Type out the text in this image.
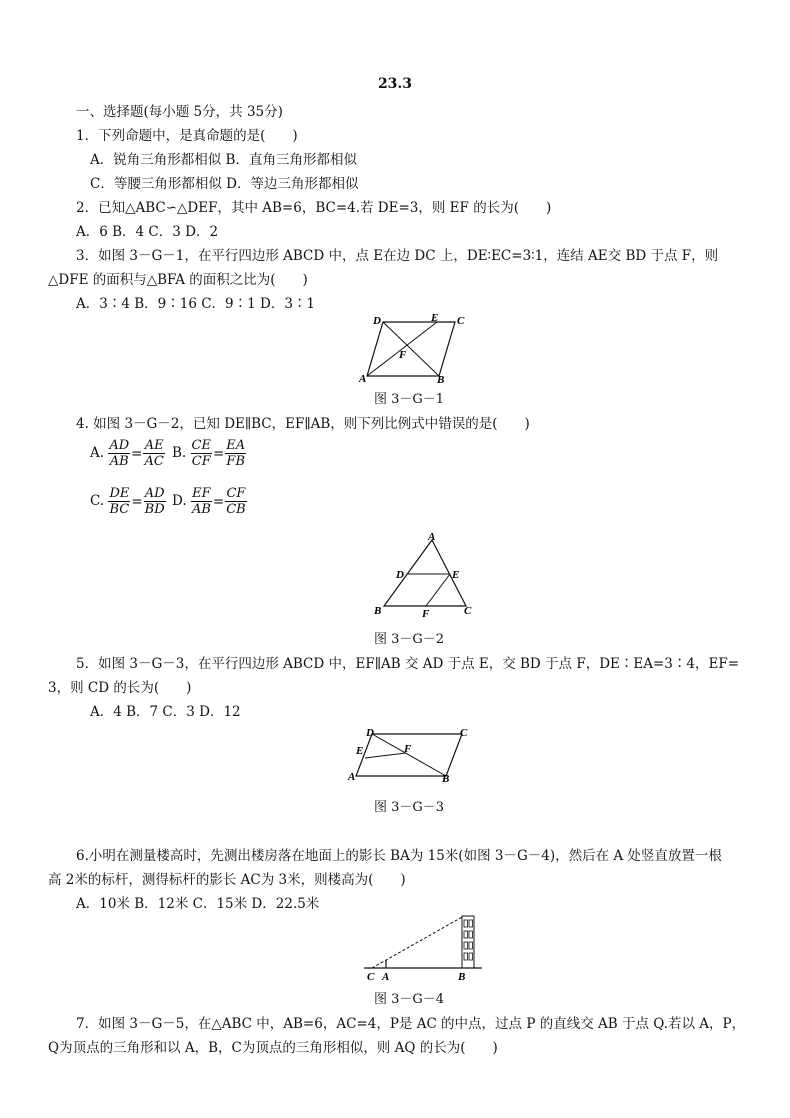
23.3
一、选择题(每小题 5分，共 35分)
1．下列命题中，是真命题的是(　　)
A．锐角三角形都相似 B．直角三角形都相似
C．等腰三角形都相似 D．等边三角形都相似
2．已知△ABC∽△DEF，其中 AB=6，BC=4.若 DE=3，则 EF 的长为(　　)
A．6 B．4 C．3 D．2
3．如图 3－G－1，在平行四边形 ABCD 中，点 E在边 DC 上，DE∶EC=3∶1，连结 AE交 BD 于点 F，则
△DFE 的面积与△BFA 的面积之比为(　　)
A．3∶4 B．9∶16 C．9∶1 D．3∶1
D	C
E
F
A	B
图 3－G－1
4. 如图 3－G－2，已知 DE∥BC，EF∥AB，则下列比例式中错误的是(　　)
A. $\frac{AD}{AB} = \frac{AE}{AC} B$. $\frac{CE}{CF} = \frac{EA}{FB}$
C. $\frac{DE}{BC} = \frac{AD}{BD} D$. $\frac{EF}{AB} = \frac{CF}{CB}$
A
D	E
B	F	C
图 3－G－2
5．如图 3－G－3，在平行四边形 ABCD 中，EF∥AB 交 AD 于点 E，交 BD 于点 F，DE∶EA=3∶4，EF=
3，则 CD 的长为(　　)
A．4 B．7 C．3 D．12
D	C
E	F
A	B
图 3－G－3
6.小明在测量楼高时，先测出楼房落在地面上的影长 BA为 15米(如图 3－G－4)，然后在 A 处竖直放置一根
高 2米的标杆，测得标杆的影长 AC为 3米，则楼高为(　　)
A．10米 B．12米 C．15米 D．22.5米
C A	B
图 3－G－4
7．如图 3－G－5，在△ABC 中，AB=6，AC=4，P是 AC 的中点，过点 P 的直线交 AB 于点 Q.若以 A，P，
Q为顶点的三角形和以 A，B，C为顶点的三角形相似，则 AQ 的长为(　　)
